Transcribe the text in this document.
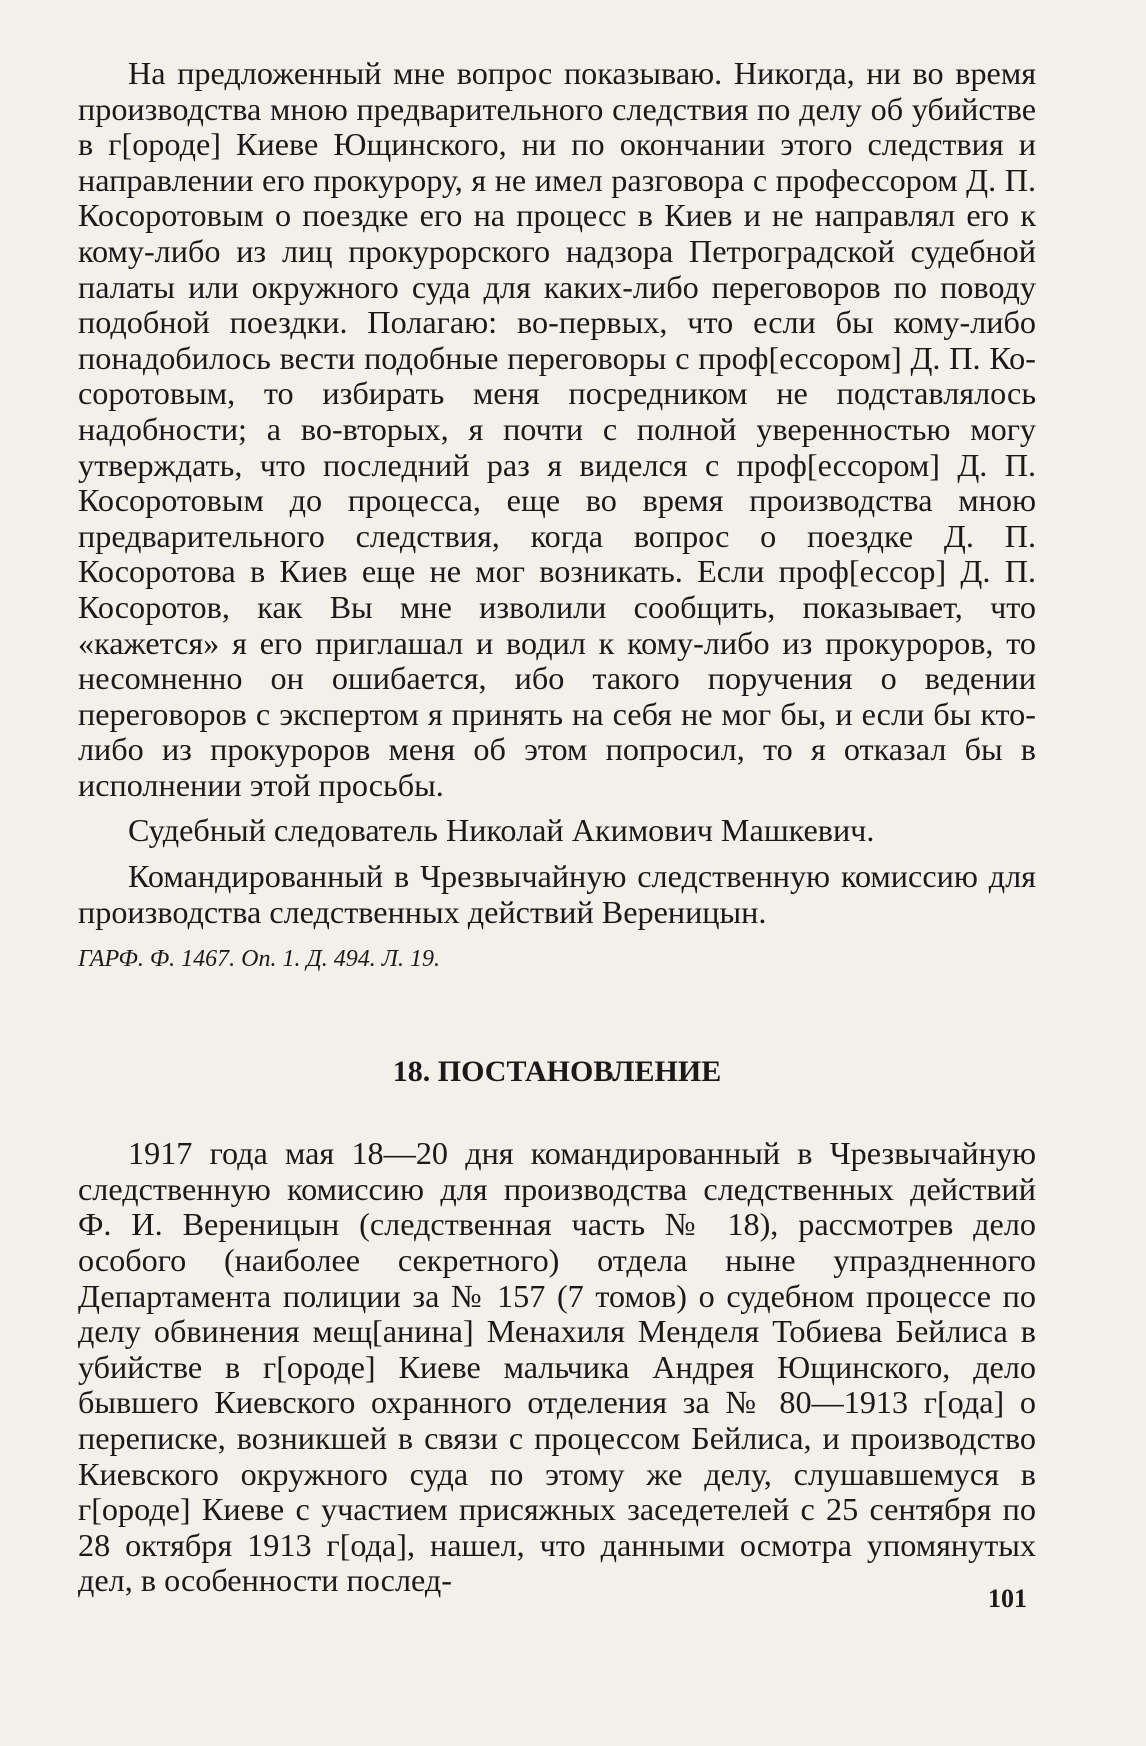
На предложенный мне вопрос показываю. Никогда, ни во время производства мною предварительного следствия по делу об убийстве в г[ороде] Киеве Ющинского, ни по окончании этого следствия и направлении его прокурору, я не имел разговора с профессором Д. П. Косоротовым о поездке его на процесс в Киев и не направлял его к кому-либо из лиц прокурорского надзора Петроградской судебной палаты или окружного суда для каких-либо переговоров по поводу подобной поездки. Полагаю: во-первых, что если бы кому-либо понадобилось вести подобные переговоры с проф[ессором] Д. П. Косоротовым, то избирать меня посредником не подставлялось надобности; а во-вторых, я почти с полной уверенностью могу утверждать, что последний раз я виделся с проф[ессором] Д. П. Косоротовым до процесса, еще во время производства мною предварительного следствия, когда вопрос о поездке Д. П. Косоротова в Киев еще не мог возникать. Если проф[ессор] Д. П. Косоротов, как Вы мне изволили сообщить, показывает, что «кажется» я его приглашал и водил к кому-либо из прокуроров, то несомненно он ошибается, ибо такого поручения о ведении переговоров с экспертом я принять на себя не мог бы, и если бы кто-либо из прокуроров меня об этом попросил, то я отказал бы в исполнении этой просьбы.

Судебный следователь Николай Акимович Машкевич.

Командированный в Чрезвычайную следственную комиссию для производства следственных действий Вереницын.

ГАРФ. Ф. 1467. Оп. 1. Д. 494. Л. 19.

18. ПОСТАНОВЛЕНИЕ

1917 года мая 18—20 дня командированный в Чрезвычайную следственную комиссию для производства следственных действий Ф. И. Вереницын (следственная часть № 18), рассмотрев дело особого (наиболее секретного) отдела ныне упраздненного Департамента полиции за № 157 (7 томов) о судебном процессе по делу обвинения мещ[анина] Менахиля Менделя Тобиева Бейлиса в убийстве в г[ороде] Киеве мальчика Андрея Ющинского, дело бывшего Киевского охранного отделения за № 80—1913 г[ода] о переписке, возникшей в связи с процессом Бейлиса, и производство Киевского окружного суда по этому же делу, слушавшемуся в г[ороде] Киеве с участием присяжных заседетелей с 25 сентября по 28 октября 1913 г[ода], нашел, что данными осмотра упомянутых дел, в особенности послед-

101
